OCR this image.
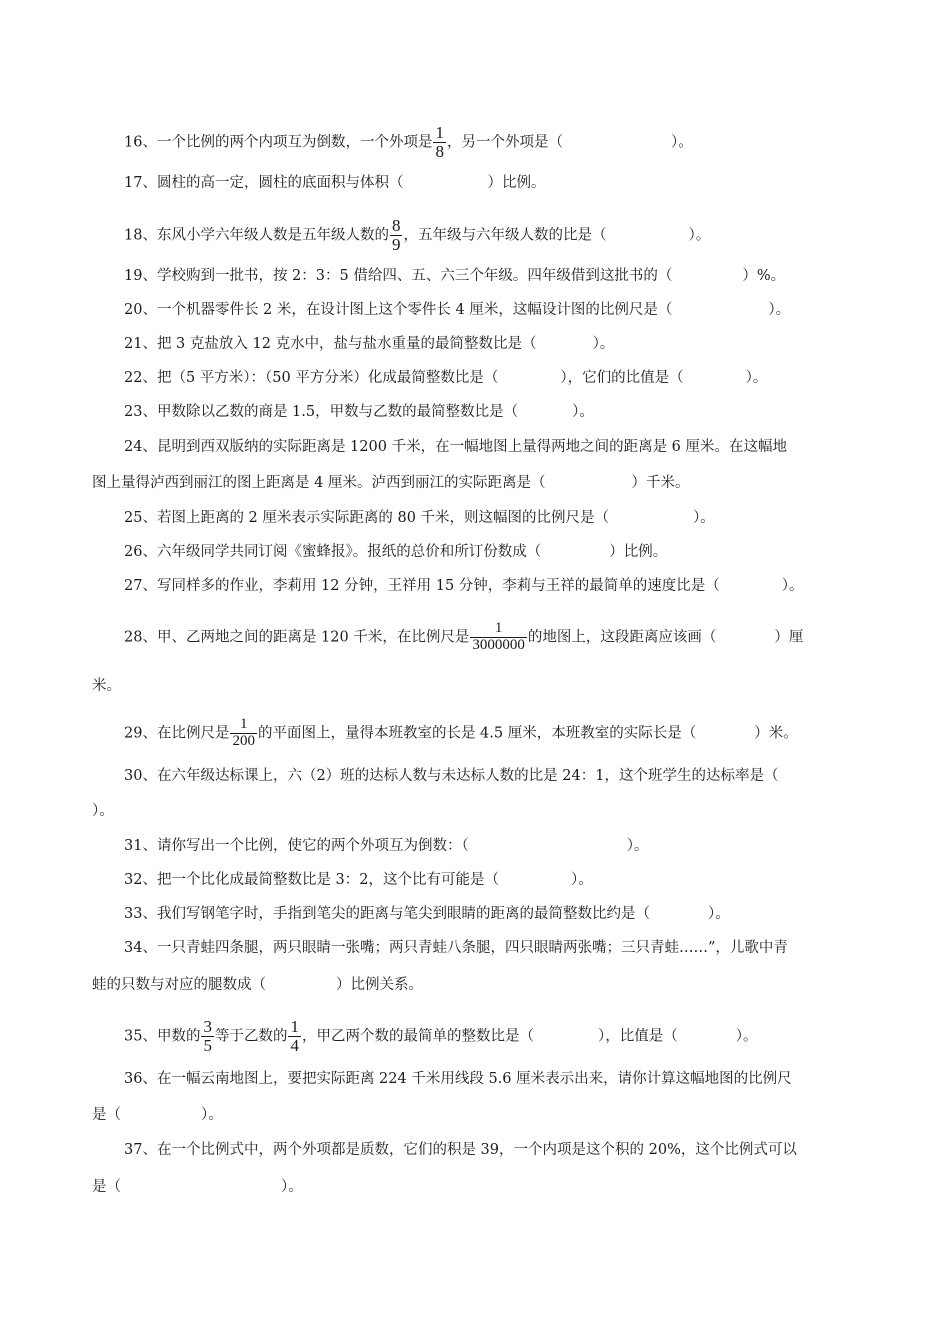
16、一个比例的两个内项互为倒数，一个外项是 $\frac{1}{8}$ ，另一个外项是（	）。
17、圆柱的高一定，圆柱的底面积与体积（	）比例。
18、东风小学六年级人数是五年级人数的 $\frac{8}{9}$ ，五年级与六年级人数的比是（	）。
19、学校购到一批书，按 2：3：5 借给四、五、六三个年级。四年级借到这批书的（	）%。
20、一个机器零件长 2 米，在设计图上这个零件长 4 厘米，这幅设计图的比例尺是（	）。
21、把 3 克盐放入 12 克水中，盐与盐水重量的最简整数比是（	）。
22、把（5 平方米）：（50 平方分米）化成最简整数比是（	），它们的比值是（	）。
23、甲数除以乙数的商是 1.5，甲数与乙数的最简整数比是（	）。
24、昆明到西双版纳的实际距离是 1200 千米，在一幅地图上量得两地之间的距离是 6 厘米。在这幅地
图上量得泸西到丽江的图上距离是 4 厘米。泸西到丽江的实际距离是（	）千米。
25、若图上距离的 2 厘米表示实际距离的 80 千米，则这幅图的比例尺是（	）。
26、六年级同学共同订阅《蜜蜂报》。报纸的总价和所订份数成（	）比例。
27、写同样多的作业，李莉用 12 分钟，王祥用 15 分钟，李莉与王祥的最简单的速度比是（	）。
28、甲、乙两地之间的距离是 120 千米，在比例尺是 $\frac{1}{3000000}$ 的地图上，这段距离应该画（	）厘
米。
29、在比例尺是 $\frac{1}{200}$ 的平面图上，量得本班教室的长是 4.5 厘米，本班教室的实际长是（	）米。
30、在六年级达标课上，六（2）班的达标人数与未达标人数的比是 24：1，这个班学生的达标率是（
）。
31、请你写出一个比例，使它的两个外项互为倒数：（	）。
32、把一个比化成最简整数比是 3：2，这个比有可能是（	）。
33、我们写钢笔字时，手指到笔尖的距离与笔尖到眼睛的距离的最简整数比约是（	）。
34、一只青蛙四条腿，两只眼睛一张嘴；两只青蛙八条腿，四只眼睛两张嘴；三只青蛙……”，儿歌中青
蛙的只数与对应的腿数成（	）比例关系。
35、甲数的 $\frac{3}{5}$ 等于乙数的 $\frac{1}{4}$ ，甲乙两个数的最简单的整数比是（	），比值是（	）。
36、在一幅云南地图上，要把实际距离 224 千米用线段 5.6 厘米表示出来，请你计算这幅地图的比例尺
是（	）。
37、在一个比例式中，两个外项都是质数，它们的积是 39，一个内项是这个积的 20%，这个比例式可以
是（	）。
